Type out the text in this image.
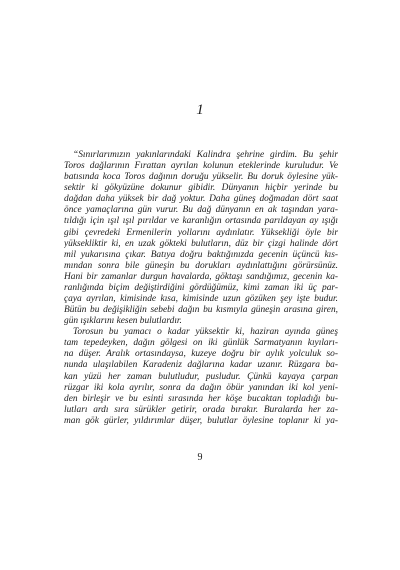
1
“Sınırlarımızın yakınlarındaki Kalindra şehrine girdim. Bu şehir
Toros dağlarının Fırattan ayrılan kolunun eteklerinde kuruludur. Ve
batısında koca Toros dağının doruğu yükselir. Bu doruk öylesine yük-
sektir ki gökyüzüne dokunur gibidir. Dünyanın hiçbir yerinde bu
dağdan daha yüksek bir dağ yoktur. Daha güneş doğmadan dört saat
önce yamaçlarına gün vurur. Bu dağ dünyanın en ak taşından yara-
tıldığı için ışıl ışıl pırıldar ve karanlığın ortasında parıldayan ay ışığı
gibi çevredeki Ermenilerin yollarını aydınlatır. Yüksekliği öyle bir
yüksekliktir ki, en uzak gökteki bulutların, düz bir çizgi halinde dört
mil yukarısına çıkar. Batıya doğru baktığınızda gecenin üçüncü kıs-
mından sonra bile güneşin bu dorukları aydınlattığını görürsünüz.
Hani bir zamanlar durgun havalarda, göktaşı sandığımız, gecenin ka-
ranlığında biçim değiştirdiğini gördüğümüz, kimi zaman iki üç par-
çaya ayrılan, kimisinde kısa, kimisinde uzun gözüken şey işte budur.
Bütün bu değişikliğin sebebi dağın bu kısmıyla güneşin arasına giren,
gün ışıklarını kesen bulutlardır.
Torosun bu yamacı o kadar yüksektir ki, haziran ayında güneş
tam tepedeyken, dağın gölgesi on iki günlük Sarmatyanın kıyıları-
na düşer. Aralık ortasındaysa, kuzeye doğru bir aylık yolculuk so-
nunda ulaşılabilen Karadeniz dağlarına kadar uzanır. Rüzgara ba-
kan yüzü her zaman bulutludur, pusludur. Çünkü kayaya çarpan
rüzgar iki kola ayrılır, sonra da dağın öbür yanından iki kol yeni-
den birleşir ve bu esinti sırasında her köşe bucaktan topladığı bu-
lutları ardı sıra sürükler getirir, orada bırakır. Buralarda her za-
man gök gürler, yıldırımlar düşer, bulutlar öylesine toplanır ki ya-
9
